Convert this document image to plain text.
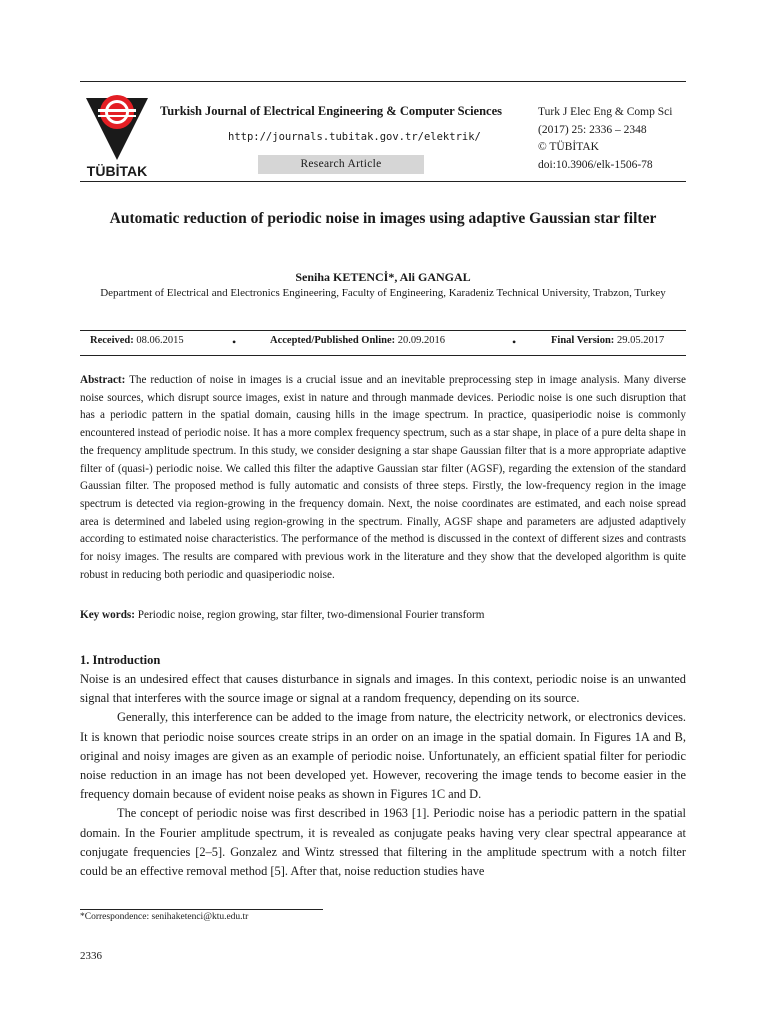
TÜBİTAK
Turkish Journal of Electrical Engineering & Computer Sciences
http://journals.tubitak.gov.tr/elektrik/
Research Article
Turk J Elec Eng & Comp Sci
(2017) 25: 2336 – 2348
© TÜBİTAK
doi:10.3906/elk-1506-78
Automatic reduction of periodic noise in images using adaptive Gaussian star filter
Seniha KETENCİ*, Ali GANGAL
Department of Electrical and Electronics Engineering, Faculty of Engineering, Karadeniz Technical University, Trabzon, Turkey
Received: 08.06.2015	•	Accepted/Published Online: 20.09.2016	•	Final Version: 29.05.2017
Abstract: The reduction of noise in images is a crucial issue and an inevitable preprocessing step in image analysis. Many diverse noise sources, which disrupt source images, exist in nature and through manmade devices. Periodic noise is one such disruption that has a periodic pattern in the spatial domain, causing hills in the image spectrum. In practice, quasiperiodic noise is commonly encountered instead of periodic noise. It has a more complex frequency spectrum, such as a star shape, in place of a pure delta shape in the frequency amplitude spectrum. In this study, we consider designing a star shape Gaussian filter that is a more appropriate adaptive filter of (quasi-) periodic noise. We called this filter the adaptive Gaussian star filter (AGSF), regarding the extension of the standard Gaussian filter. The proposed method is fully automatic and consists of three steps. Firstly, the low-frequency region in the image spectrum is detected via region-growing in the frequency domain. Next, the noise coordinates are estimated, and each noise spread area is determined and labeled using region-growing in the spectrum. Finally, AGSF shape and parameters are adjusted adaptively according to estimated noise characteristics. The performance of the method is discussed in the context of different sizes and contrasts for noisy images. The results are compared with previous work in the literature and they show that the developed algorithm is quite robust in reducing both periodic and quasiperiodic noise.
Key words: Periodic noise, region growing, star filter, two-dimensional Fourier transform
1. Introduction

Noise is an undesired effect that causes disturbance in signals and images. In this context, periodic noise is an unwanted signal that interferes with the source image or signal at a random frequency, depending on its source.

Generally, this interference can be added to the image from nature, the electricity network, or electronics devices. It is known that periodic noise sources create strips in an order on an image in the spatial domain. In Figures 1A and B, original and noisy images are given as an example of periodic noise. Unfortunately, an efficient spatial filter for periodic noise reduction in an image has not been developed yet. However, recovering the image tends to become easier in the frequency domain because of evident noise peaks as shown in Figures 1C and D.

The concept of periodic noise was first described in 1963 [1]. Periodic noise has a periodic pattern in the spatial domain. In the Fourier amplitude spectrum, it is revealed as conjugate peaks having very clear spectral appearance at conjugate frequencies [2–5]. Gonzalez and Wintz stressed that filtering in the amplitude spectrum with a notch filter could be an effective removal method [5]. After that, noise reduction studies have

*Correspondence: senihaketenci@ktu.edu.tr
2336
